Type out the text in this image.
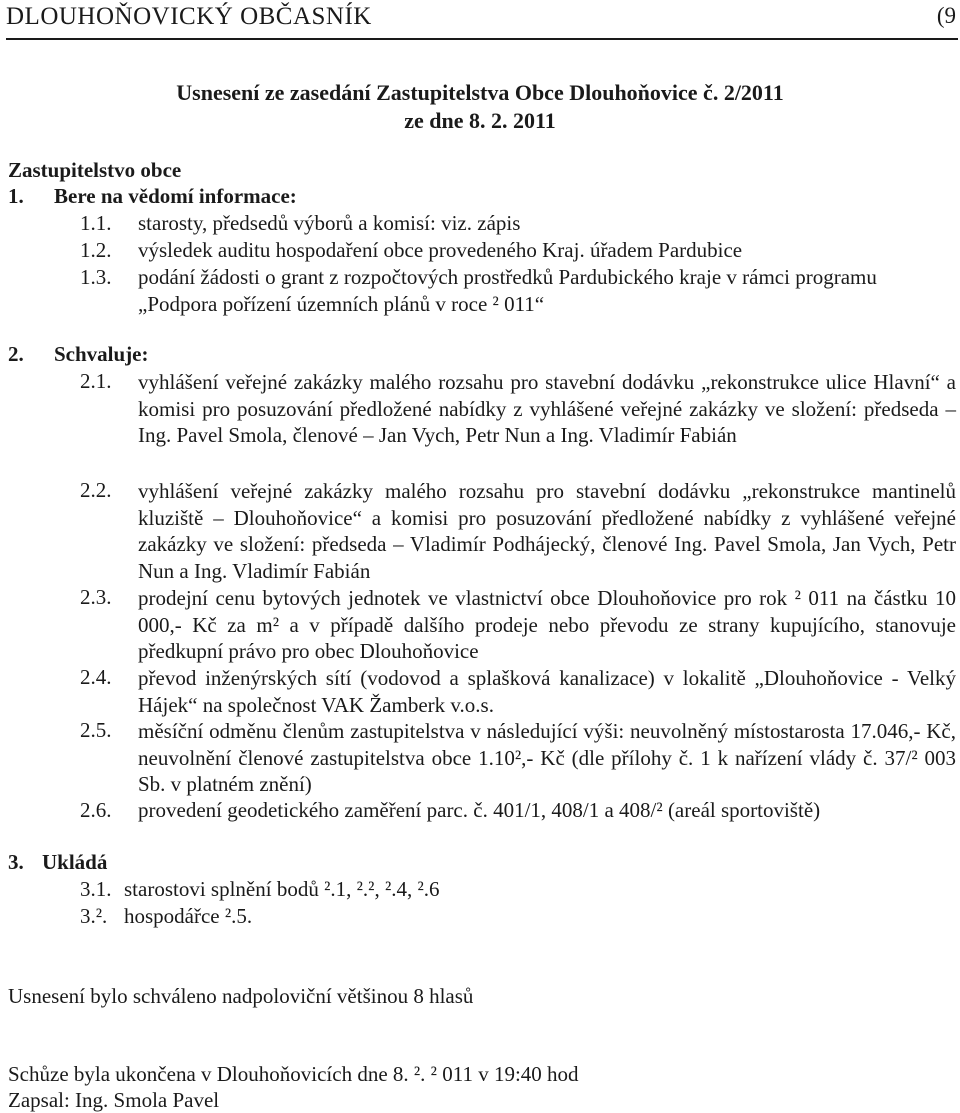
DLOUHOŇOVICKÝ OBČASNÍK	(9
Usnesení ze zasedání Zastupitelstva Obce Dlouhoňovice č. 2/2011
ze dne 8. 2. 2011
Zastupitelstvo obce
1. Bere na vědomí informace:
1.1. starosty, předsedů výborů a komisí: viz. zápis
1.2. výsledek auditu hospodaření obce provedeného Kraj. úřadem Pardubice
1.3. podání žádosti o grant z rozpočtových prostředků Pardubického kraje v rámci programu
„Podpora pořízení územních plánů v roce ² 011“
2. Schvaluje:
2.1. vyhlášení veřejné zakázky malého rozsahu pro stavební dodávku „rekonstrukce ulice Hlavní“ a komisi pro posuzování předložené nabídky z vyhlášené veřejné zakázky ve složení: předseda – Ing. Pavel Smola, členové – Jan Vych, Petr Nun a Ing. Vladimír Fabián
2.2. vyhlášení veřejné zakázky malého rozsahu pro stavební dodávku „rekonstrukce mantinelů kluziště – Dlouhoňovice“ a komisi pro posuzování předložené nabídky z vyhlášené veřejné zakázky ve složení: předseda – Vladimír Podhájecký, členové Ing. Pavel Smola, Jan Vych, Petr Nun a Ing. Vladimír Fabián
2.3. prodejní cenu bytových jednotek ve vlastnictví obce Dlouhoňovice pro rok ² 011 na částku 10 000,- Kč za m² a v případě dalšího prodeje nebo převodu ze strany kupujícího, stanovuje předkupní právo pro obec Dlouhoňovice
2.4. převod inženýrských sítí (vodovod a splašková kanalizace) v lokalitě „Dlouhoňovice - Velký Hájek“ na společnost VAK Žamberk v.o.s.
2.5. měsíční odměnu členům zastupitelstva v následující výši: neuvolněný místostarosta 17.046,- Kč, neuvolnění členové zastupitelstva obce 1.10²,- Kč (dle přílohy č. 1 k nařízení vlády č. 37/² 003 Sb. v platném znění)
2.6. provedení geodetického zaměření parc. č. 401/1, 408/1 a 408/² (areál sportoviště)
3. Ukládá
3.1. starostovi splnění bodů ².1, ².², ².4, ².6
3.². hospodářce ².5.
Usnesení bylo schváleno nadpoloviční většinou 8 hlasů
Schůze byla ukončena v Dlouhoňovicích dne 8. ². ² 011 v 19:40 hod
Zapsal: Ing. Smola Pavel
